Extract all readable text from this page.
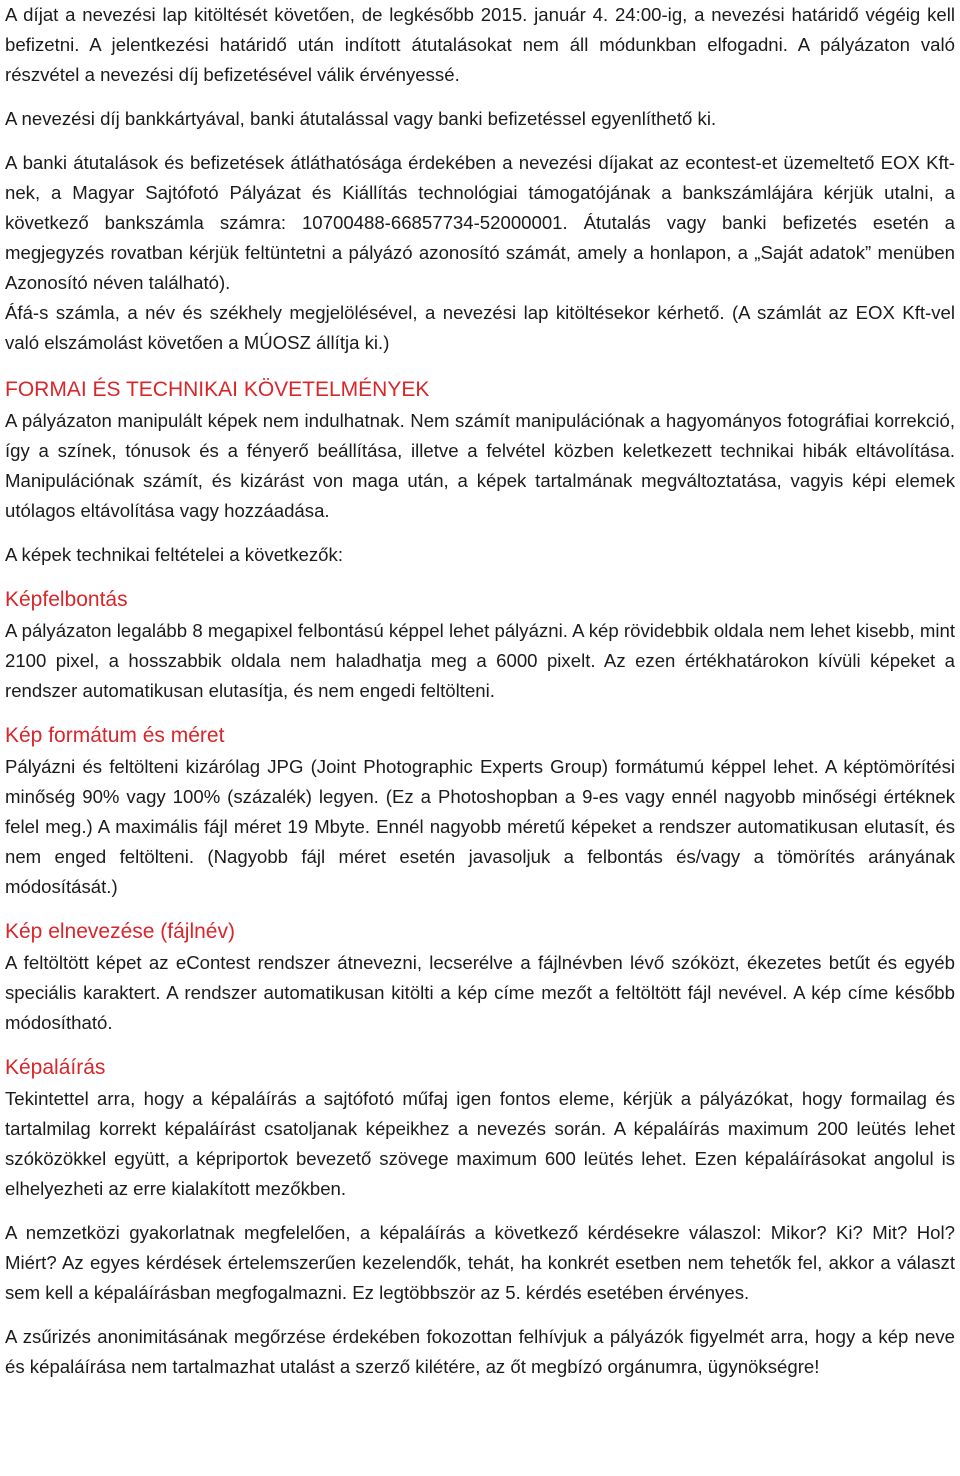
A díjat a nevezési lap kitöltését követően, de legkésőbb 2015. január 4. 24:00-ig, a nevezési határidő végéig kell befizetni. A jelentkezési határidő után indított átutalásokat nem áll módunkban elfogadni. A pályázaton való részvétel a nevezési díj befizetésével válik érvényessé.

A nevezési díj bankkártyával, banki átutalással vagy banki befizetéssel egyenlíthető ki.

A banki átutalások és befizetések átláthatósága érdekében a nevezési díjakat az econtest-et üzemeltető EOX Kft-nek, a Magyar Sajtófotó Pályázat és Kiállítás technológiai támogatójának a bankszámlájára kérjük utalni, a következő bankszámla számra: 10700488-66857734-52000001. Átutalás vagy banki befizetés esetén a megjegyzés rovatban kérjük feltüntetni a pályázó azonosító számát, amely a honlapon, a „Saját adatok” menüben Azonosító néven található).

Áfá-s számla, a név és székhely megjelölésével, a nevezési lap kitöltésekor kérhető. (A számlát az EOX Kft-vel való elszámolást követően a MÚOSZ állítja ki.)

FORMAI ÉS TECHNIKAI KÖVETELMÉNYEK

A pályázaton manipulált képek nem indulhatnak. Nem számít manipulációnak a hagyományos fotográfiai korrekció, így a színek, tónusok és a fényerő beállítása, illetve a felvétel közben keletkezett technikai hibák eltávolítása. Manipulációnak számít, és kizárást von maga után, a képek tartalmának megváltoztatása, vagyis képi elemek utólagos eltávolítása vagy hozzáadása.

A képek technikai feltételei a következők:

Képfelbontás

A pályázaton legalább 8 megapixel felbontású képpel lehet pályázni. A kép rövidebbik oldala nem lehet kisebb, mint 2100 pixel, a hosszabbik oldala nem haladhatja meg a 6000 pixelt. Az ezen értékhatárokon kívüli képeket a rendszer automatikusan elutasítja, és nem engedi feltölteni.

Kép formátum és méret

Pályázni és feltölteni kizárólag JPG (Joint Photographic Experts Group) formátumú képpel lehet. A képtömörítési minőség 90% vagy 100% (százalék) legyen. (Ez a Photoshopban a 9-es vagy ennél nagyobb minőségi értéknek felel meg.) A maximális fájl méret 19 Mbyte. Ennél nagyobb méretű képeket a rendszer automatikusan elutasít, és nem enged feltölteni. (Nagyobb fájl méret esetén javasoljuk a felbontás és/vagy a tömörítés arányának módosítását.)

Kép elnevezése (fájlnév)

A feltöltött képet az eContest rendszer átnevezni, lecserélve a fájlnévben lévő szóközt, ékezetes betűt és egyéb speciális karaktert. A rendszer automatikusan kitölti a kép címe mezőt a feltöltött fájl nevével. A kép címe később módosítható.

Képaláírás

Tekintettel arra, hogy a képaláírás a sajtófotó műfaj igen fontos eleme, kérjük a pályázókat, hogy formailag és tartalmilag korrekt képaláírást csatoljanak képeikhez a nevezés során. A képaláírás maximum 200 leütés lehet szóközökkel együtt, a képriportok bevezető szövege maximum 600 leütés lehet. Ezen képaláírásokat angolul is elhelyezheti az erre kialakított mezőkben.

A nemzetközi gyakorlatnak megfelelően, a képaláírás a következő kérdésekre válaszol: Mikor? Ki? Mit? Hol? Miért? Az egyes kérdések értelemszerűen kezelendők, tehát, ha konkrét esetben nem tehetők fel, akkor a választ sem kell a képaláírásban megfogalmazni. Ez legtöbbször az 5. kérdés esetében érvényes.

A zsűrizés anonimitásának megőrzése érdekében fokozottan felhívjuk a pályázók figyelmét arra, hogy a kép neve és képaláírása nem tartalmazhat utalást a szerző kilétére, az őt megbízó orgánumra, ügynökségre!
